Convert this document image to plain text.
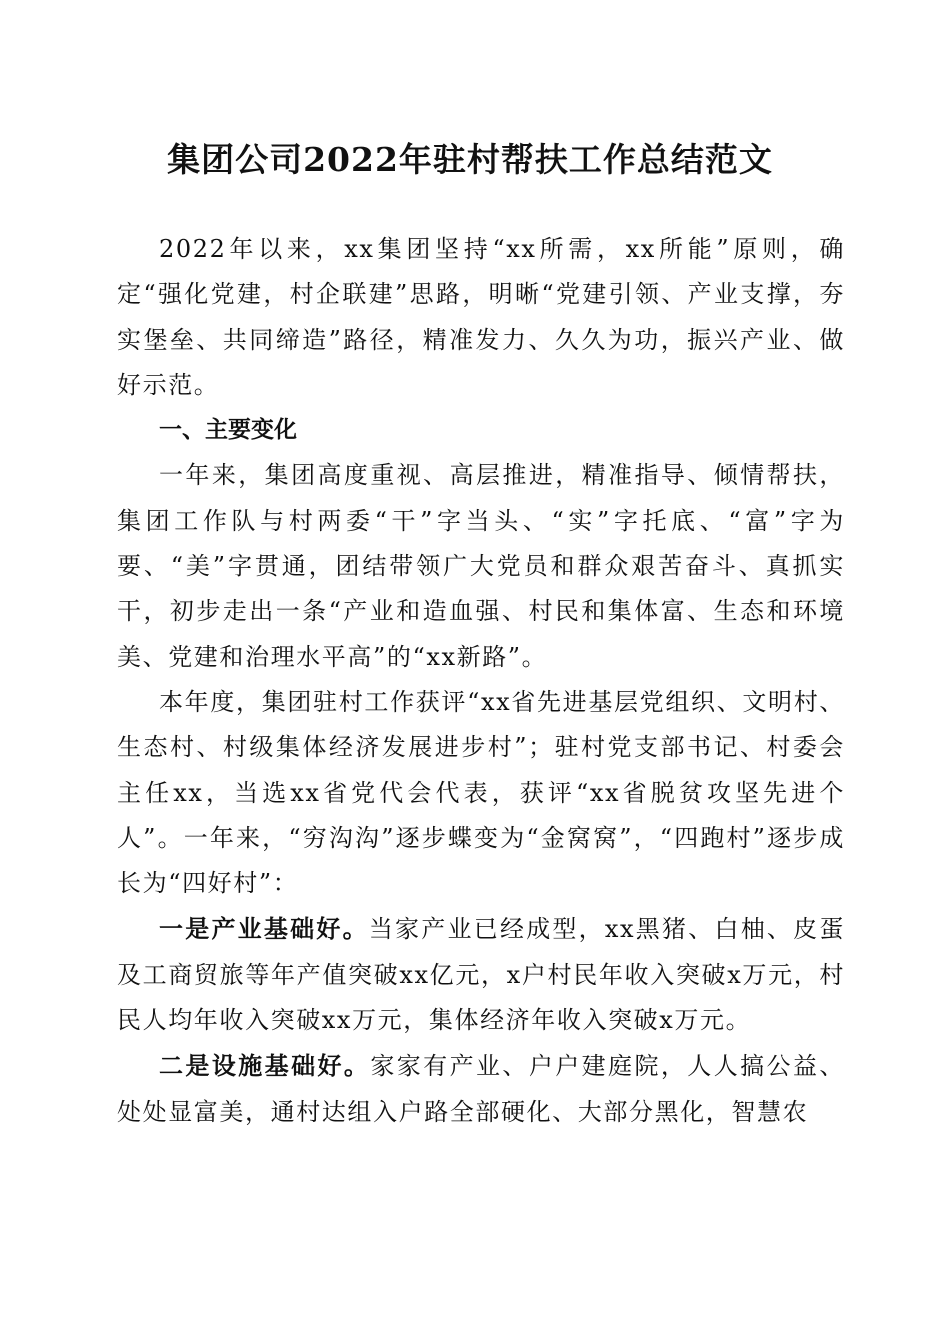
集团公司2022年驻村帮扶工作总结范文

2022年以来，xx集团坚持“xx所需，xx所能”原则，确定“强化党建，村企联建”思路，明晰“党建引领、产业支撑，夯实堡垒、共同缔造”路径，精准发力、久久为功，振兴产业、做好示范。

一、主要变化

一年来，集团高度重视、高层推进，精准指导、倾情帮扶，集团工作队与村两委“干”字当头、“实”字托底、“富”字为要、“美”字贯通，团结带领广大党员和群众艰苦奋斗、真抓实干，初步走出一条“产业和造血强、村民和集体富、生态和环境美、党建和治理水平高”的“xx新路”。

本年度，集团驻村工作获评“xx省先进基层党组织、文明村、生态村、村级集体经济发展进步村”；驻村党支部书记、村委会主任xx，当选xx省党代会代表，获评“xx省脱贫攻坚先进个人”。一年来，“穷沟沟”逐步蝶变为“金窝窝”，“四跑村”逐步成长为“四好村”：

一是产业基础好。当家产业已经成型，xx黑猪、白柚、皮蛋及工商贸旅等年产值突破xx亿元，x户村民年收入突破x万元，村民人均年收入突破xx万元，集体经济年收入突破x万元。

二是设施基础好。家家有产业、户户建庭院，人人搞公益、处处显富美，通村达组入户路全部硬化、大部分黑化，智慧农
